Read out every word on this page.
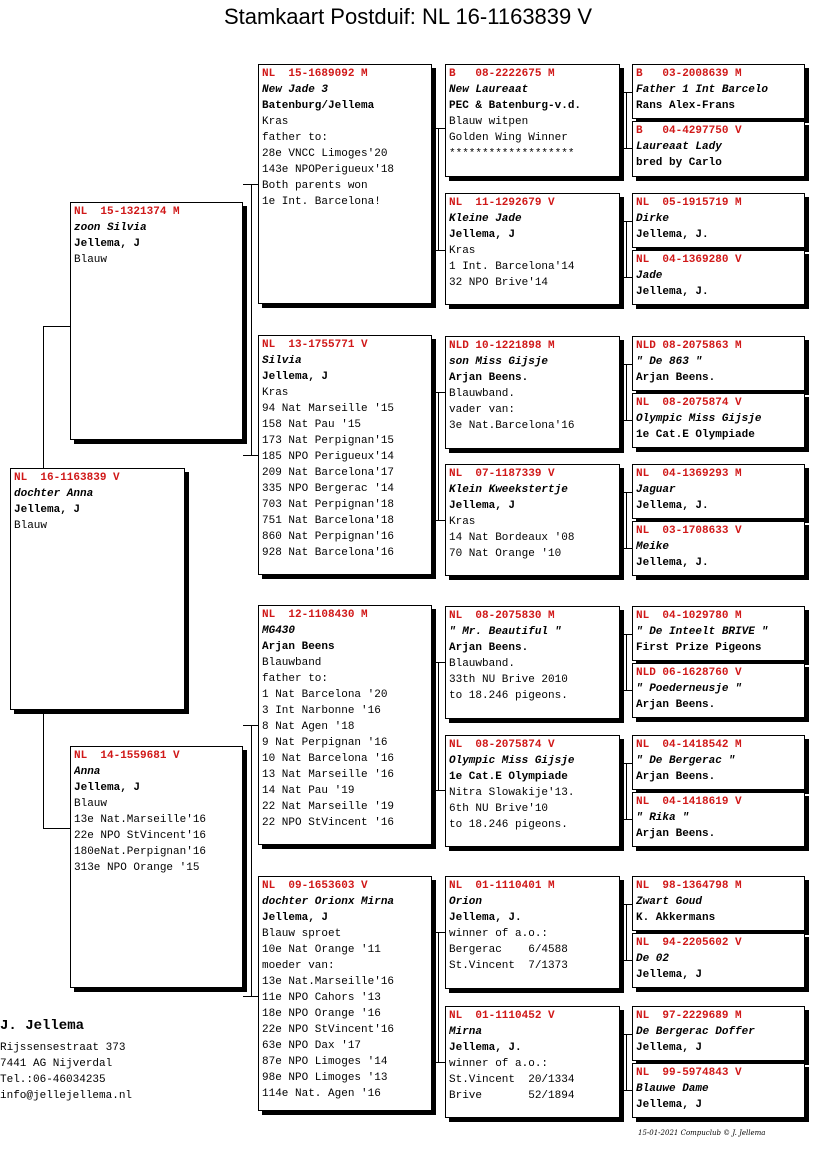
Stamkaart Postduif: NL 16-1163839 V
NL  16-1163839 V
dochter Anna
Jellema, J
Blauw
NL  15-1321374 M
zoon Silvia
Jellema, J
Blauw
NL  14-1559681 V
Anna
Jellema, J
Blauw
13e Nat.Marseille'16
22e NPO StVincent'16
180eNat.Perpignan'16
313e NPO Orange '15
NL  15-1689092 M
New Jade 3
Batenburg/Jellema
Kras
father to:
28e VNCC Limoges'20
143e NPOPerigueux'18
Both parents won
1e Int. Barcelona!
NL  13-1755771 V
Silvia
Jellema, J
Kras
94 Nat Marseille '15
158 Nat Pau '15
173 Nat Perpignan'15
185 NPO Perigueux'14
209 Nat Barcelona'17
335 NPO Bergerac '14
703 Nat Perpignan'18
751 Nat Barcelona'18
860 Nat Perpignan'16
928 Nat Barcelona'16
NL  12-1108430 M
MG430
Arjan Beens
Blauwband
father to:
1 Nat Barcelona '20
3 Int Narbonne '16
8 Nat Agen '18
9 Nat Perpignan '16
10 Nat Barcelona '16
13 Nat Marseille '16
14 Nat Pau '19
22 Nat Marseille '19
22 NPO StVincent '16
NL  09-1653603 V
dochter Orionx Mirna
Jellema, J
Blauw sproet
10e Nat Orange '11
moeder van:
13e Nat.Marseille'16
11e NPO Cahors '13
18e NPO Orange '16
22e NPO StVincent'16
63e NPO Dax '17
87e NPO Limoges '14
98e NPO Limoges '13
114e Nat. Agen '16
B   08-2222675 M
New Laureaat
PEC & Batenburg-v.d.
Blauw witpen
Golden Wing Winner
*******************
NL  11-1292679 V
Kleine Jade
Jellema, J
Kras
1 Int. Barcelona'14
32 NPO Brive'14
NLD 10-1221898 M
son Miss Gijsje
Arjan Beens.
Blauwband.
vader van:
3e Nat.Barcelona'16
NL  07-1187339 V
Klein Kweekstertje
Jellema, J
Kras
14 Nat Bordeaux '08
70 Nat Orange '10
NL  08-2075830 M
" Mr. Beautiful "
Arjan Beens.
Blauwband.
33th NU Brive 2010
to 18.246 pigeons.
NL  08-2075874 V
Olympic Miss Gijsje
1e Cat.E Olympiade
Nitra Slowakije'13.
6th NU Brive'10
to 18.246 pigeons.
NL  01-1110401 M
Orion
Jellema, J.
winner of a.o.:
Bergerac    6/4588
St.Vincent  7/1373
NL  01-1110452 V
Mirna
Jellema, J.
winner of a.o.:
St.Vincent  20/1334
Brive       52/1894
B   03-2008639 M
Father 1 Int Barcelo
Rans Alex-Frans
B   04-4297750 V
Laureaat Lady
bred by Carlo
NL  05-1915719 M
Dirke
Jellema, J.
NL  04-1369280 V
Jade
Jellema, J.
NLD 08-2075863 M
" De 863 "
Arjan Beens.
NL  08-2075874 V
Olympic Miss Gijsje
1e Cat.E Olympiade
NL  04-1369293 M
Jaguar
Jellema, J.
NL  03-1708633 V
Meike
Jellema, J.
NL  04-1029780 M
" De Inteelt BRIVE "
First Prize Pigeons
NLD 06-1628760 V
" Poederneusje "
Arjan Beens.
NL  04-1418542 M
" De Bergerac "
Arjan Beens.
NL  04-1418619 V
" Rika "
Arjan Beens.
NL  98-1364798 M
Zwart Goud
K. Akkermans
NL  94-2205602 V
De 02
Jellema, J
NL  97-2229689 M
De Bergerac Doffer
Jellema, J
NL  99-5974843 V
Blauwe Dame
Jellema, J
J. Jellema
Rijssensestraat 373
7441 AG Nijverdal
Tel.:06-46034235
info@jellejellema.nl
15-01-2021 Compuclub © J. Jellema
